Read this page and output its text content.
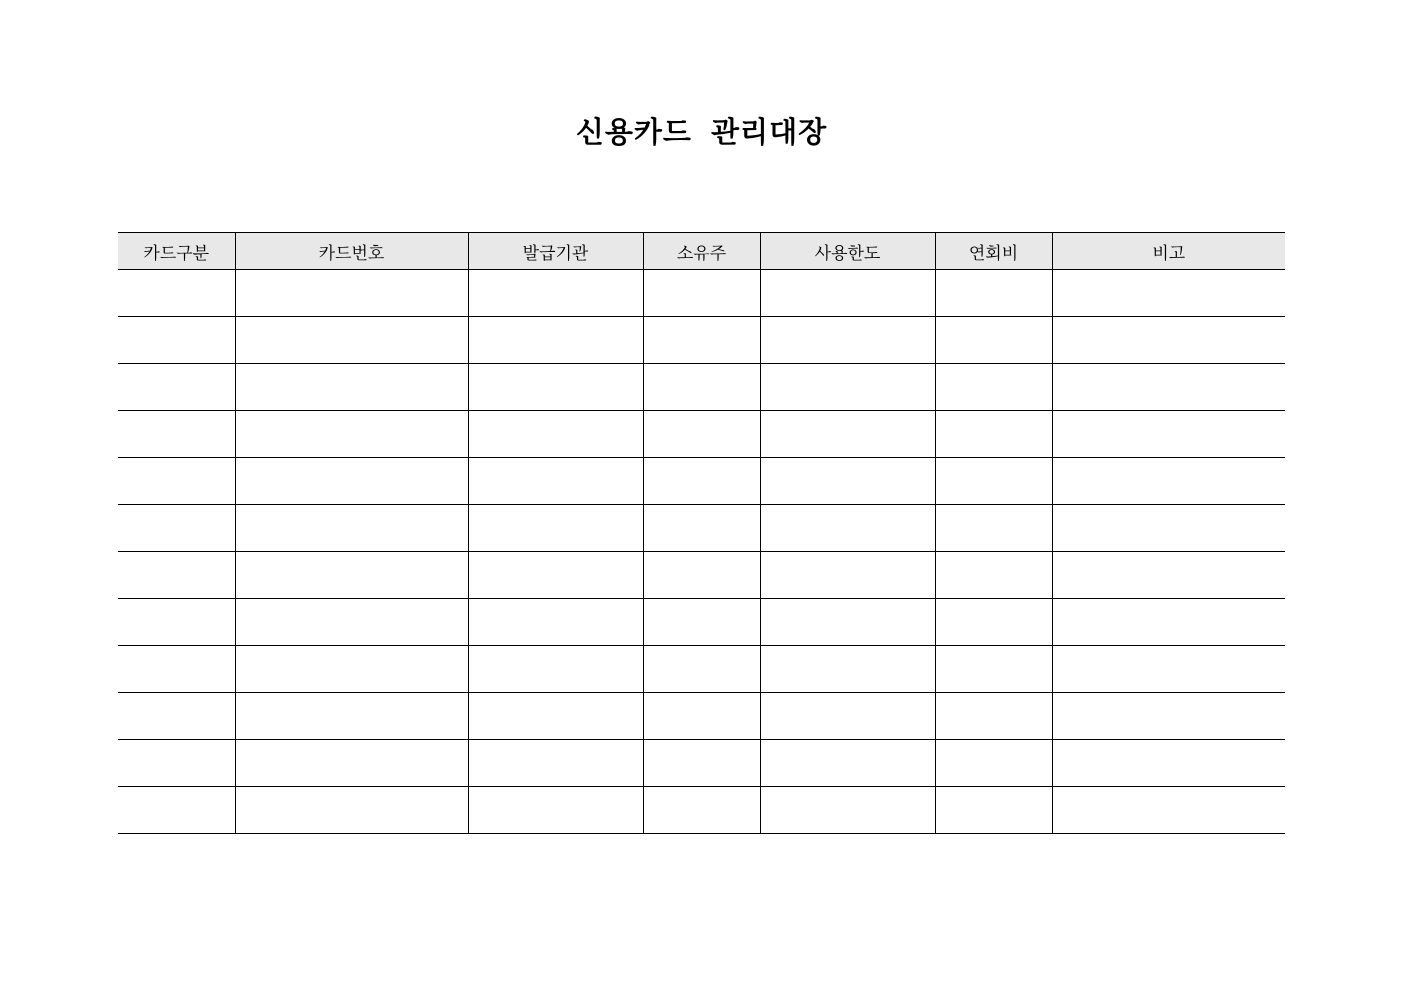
신용카드 관리대장
카드구분	카드번호	발급기관	소유주	사용한도	연회비	비고
